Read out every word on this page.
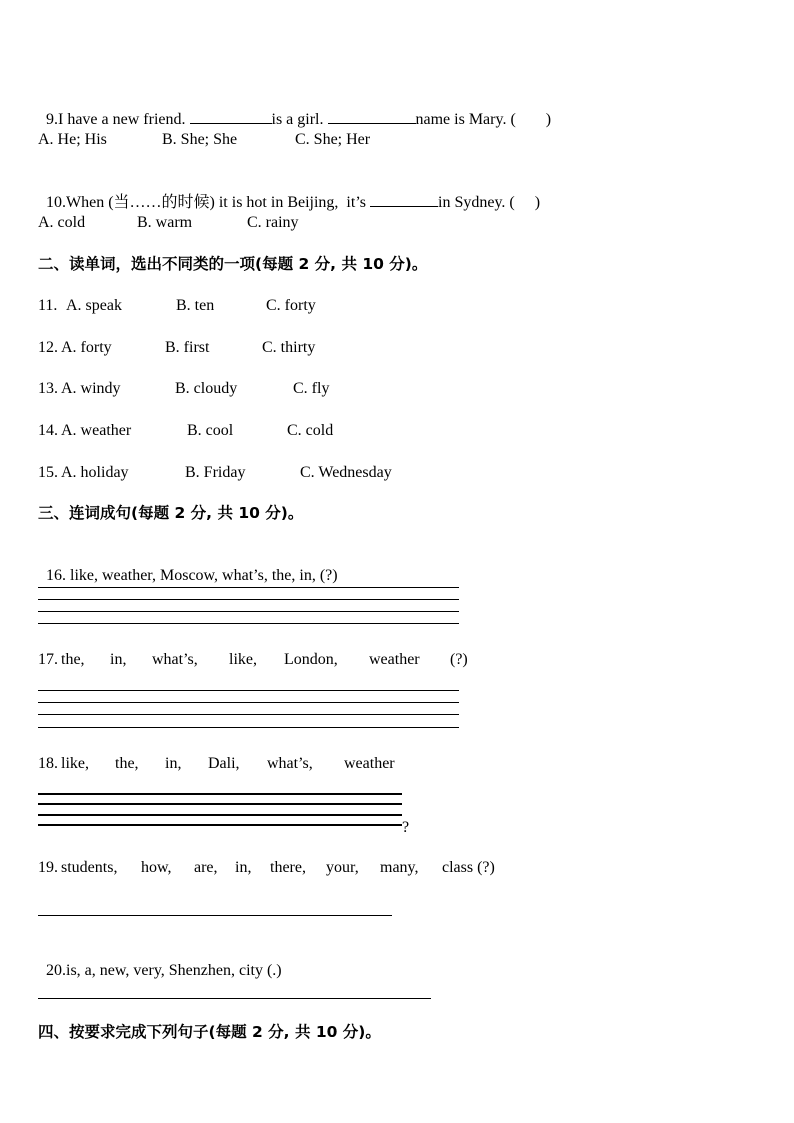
9.I have a new friend.	is a girl.	name is Mary. ( )

A. He; His	B. She; She	C. She; Her

10.When (当……的时候) it is hot in Beijing,  it’s	in Sydney. ( )

A. cold	B. warm	C. rainy
二、读单词，选出不同类的一项(每题 2 分, 共 10 分)。
11. A. speak	B. ten	C. forty
12. A. forty	B. first	C. thirty
13. A. windy	B. cloudy	C. fly
14. A. weather	B. cool	C. cold
15. A. holiday	B. Friday	C. Wednesday
三、连词成句(每题 2 分, 共 10 分)。

16. like, weather, Moscow, what’s, the, in, (?)

17. the, in, what’s, like, London, weather (?)
18. like, the, in, Dali, what’s, weather
?
19. students, how, are, in, there, your, many, class (?)

20.is, a, new, very, Shenzhen, city (.)

四、按要求完成下列句子(每题 2 分, 共 10 分)。
